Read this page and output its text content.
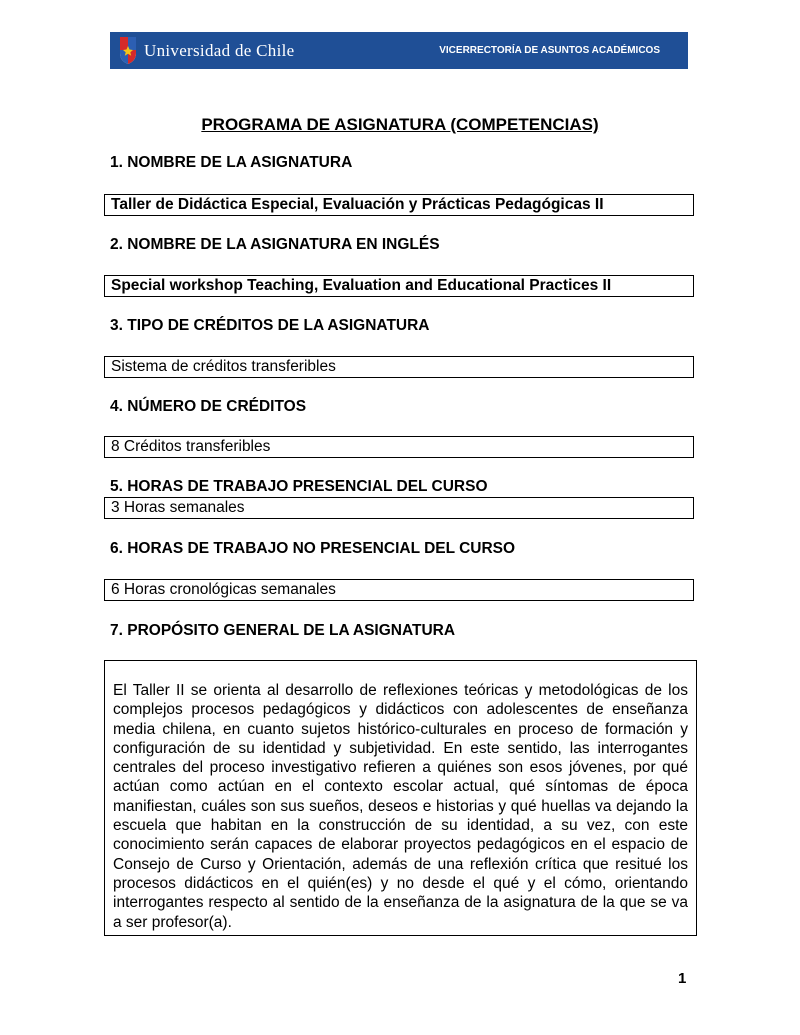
Universidad de Chile	VICERRECTORÍA DE ASUNTOS ACADÉMICOS
PROGRAMA DE ASIGNATURA (COMPETENCIAS)
1. NOMBRE DE LA ASIGNATURA
Taller de Didáctica Especial, Evaluación y Prácticas Pedagógicas II
2. NOMBRE DE LA ASIGNATURA EN INGLÉS
Special workshop Teaching, Evaluation and Educational Practices II
3. TIPO DE CRÉDITOS DE LA ASIGNATURA
Sistema de créditos transferibles
4. NÚMERO DE CRÉDITOS
8 Créditos transferibles
5. HORAS DE TRABAJO PRESENCIAL DEL CURSO
3 Horas semanales
6. HORAS DE TRABAJO NO PRESENCIAL DEL CURSO
6 Horas cronológicas semanales
7. PROPÓSITO GENERAL DE LA ASIGNATURA
El Taller II se orienta al desarrollo de reflexiones teóricas y metodológicas de los complejos procesos pedagógicos y didácticos con adolescentes de enseñanza media chilena, en cuanto sujetos histórico-culturales en proceso de formación y configuración de su identidad y subjetividad. En este sentido, las interrogantes centrales del proceso investigativo refieren a quiénes son esos jóvenes, por qué actúan como actúan en el contexto escolar actual, qué síntomas de época manifiestan, cuáles son sus sueños, deseos e historias y qué huellas va dejando la escuela que habitan en la construcción de su identidad, a su vez, con este conocimiento serán capaces de elaborar proyectos pedagógicos en el espacio de Consejo de Curso y Orientación, además de una reflexión crítica que resitué los procesos didácticos en el quién(es) y no desde el qué y el cómo, orientando interrogantes respecto al sentido de la enseñanza de la asignatura de la que se va a ser profesor(a).
1
